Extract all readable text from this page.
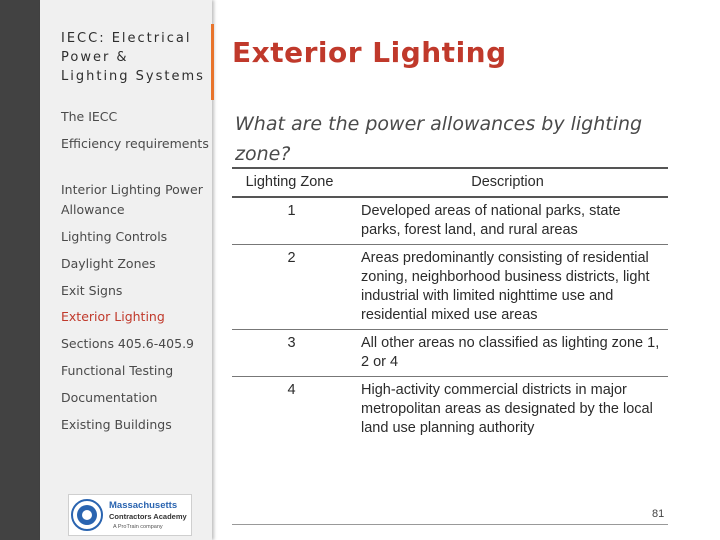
IECC: Electrical
Power &
Lighting Systems
The IECC
Efficiency requirements
Interior Lighting Power Allowance
Lighting Controls
Daylight Zones
Exit Signs
Exterior Lighting
Sections 405.6-405.9
Functional Testing
Documentation
Existing Buildings
Massachusetts
Contractors Academy
A ProTrain company
Exterior Lighting

What are the power allowances by lighting zone?

Lighting Zone	Description
1	Developed areas of national parks, state parks, forest land, and rural areas
2	Areas predominantly consisting of residential zoning, neighborhood business districts, light industrial with limited nighttime use and residential mixed use areas
3	All other areas no classified as lighting zone 1, 2 or 4
4	High-activity commercial districts in major metropolitan areas as designated by the local land use planning authority
81
